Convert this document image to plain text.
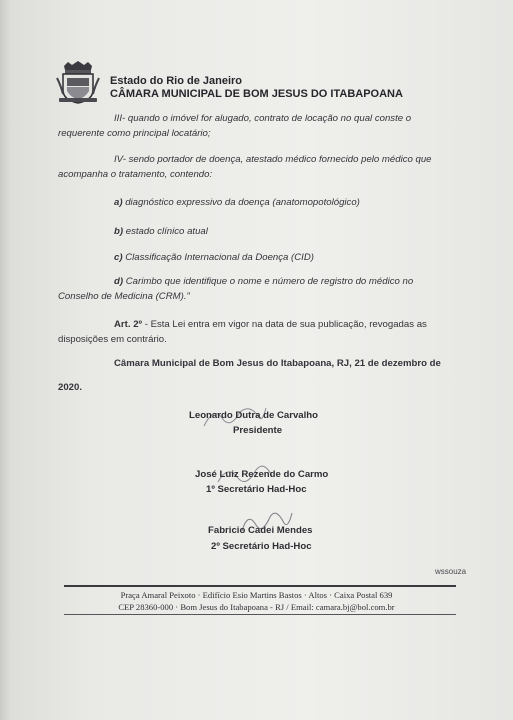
Estado do Rio de Janeiro
CÂMARA MUNICIPAL DE BOM JESUS DO ITABAPOANA
III- quando o imóvel for alugado, contrato de locação no qual conste o
requerente como principal locatário;
IV- sendo portador de doença, atestado médico fornecido pelo médico que
acompanha o tratamento, contendo:
a) diagnóstico expressivo da doença (anatomopotológico)
b) estado clínico atual
c) Classificação Internacional da Doença (CID)
d) Carimbo que identifique o nome e número de registro do médico no
Conselho de Medicina (CRM).”
Art. 2º - Esta Lei entra em vigor na data de sua publicação, revogadas as
disposições em contrário.
Câmara Municipal de Bom Jesus do Itabapoana, RJ, 21 de dezembro de
2020.
Leonardo Dutra de Carvalho
Presidente
José Luiz Rezende do Carmo
1º Secretário Had-Hoc
Fabricio Cadei Mendes
2º Secretário Had-Hoc
wssouza
Praça Amaral Peixoto · Edifício Esio Martins Bastos · Altos · Caixa Postal 639
CEP 28360-000 · Bom Jesus do Itabapoana - RJ / Email: camara.bj@bol.com.br
